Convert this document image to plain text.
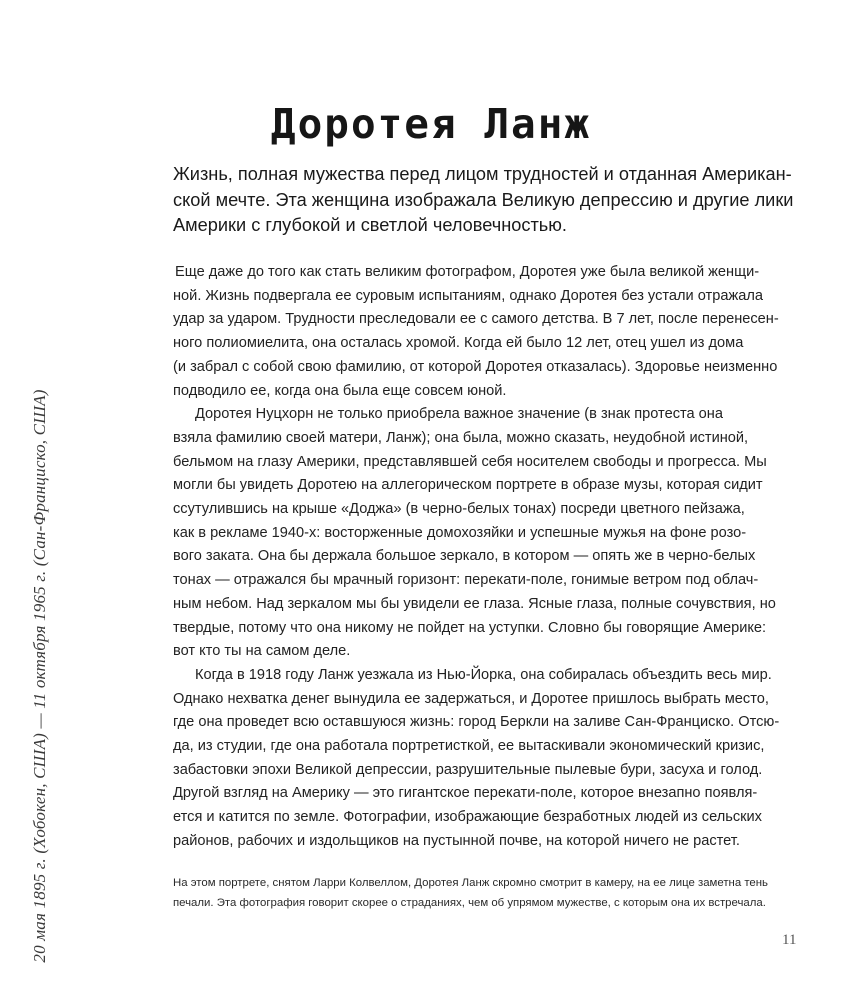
Доротея Ланж
Жизнь, полная мужества перед лицом трудностей и отданная Американ-
ской мечте. Эта женщина изображала Великую депрессию и другие лики
Америки с глубокой и светлой человечностью.
Еще даже до того как стать великим фотографом, Доротея уже была великой женщи-
ной. Жизнь подвергала ее суровым испытаниям, однако Доротея без устали отражала
удар за ударом. Трудности преследовали ее с самого детства. В 7 лет, после перенесен-
ного полиомиелита, она осталась хромой. Когда ей было 12 лет, отец ушел из дома
(и забрал с собой свою фамилию, от которой Доротея отказалась). Здоровье неизменно
подводило ее, когда она была еще совсем юной.
Доротея Нуцхорн не только приобрела важное значение (в знак протеста она
взяла фамилию своей матери, Ланж); она была, можно сказать, неудобной истиной,
бельмом на глазу Америки, представлявшей себя носителем свободы и прогресса. Мы
могли бы увидеть Доротею на аллегорическом портрете в образе музы, которая сидит
ссутулившись на крыше «Доджа» (в черно-белых тонах) посреди цветного пейзажа,
как в рекламе 1940-х: восторженные домохозяйки и успешные мужья на фоне розо-
вого заката. Она бы держала большое зеркало, в котором — опять же в черно-белых
тонах — отражался бы мрачный горизонт: перекати-поле, гонимые ветром под облач-
ным небом. Над зеркалом мы бы увидели ее глаза. Ясные глаза, полные сочувствия, но
твердые, потому что она никому не пойдет на уступки. Словно бы говорящие Америке:
вот кто ты на самом деле.
Когда в 1918 году Ланж уезжала из Нью-Йорка, она собиралась объездить весь мир.
Однако нехватка денег вынудила ее задержаться, и Доротее пришлось выбрать место,
где она проведет всю оставшуюся жизнь: город Беркли на заливе Сан-Франциско. Отсю-
да, из студии, где она работала портретисткой, ее вытаскивали экономический кризис,
забастовки эпохи Великой депрессии, разрушительные пылевые бури, засуха и голод.
Другой взгляд на Америку — это гигантское перекати-поле, которое внезапно появля-
ется и катится по земле. Фотографии, изображающие безработных людей из сельских
районов, рабочих и издольщиков на пустынной почве, на которой ничего не растет.
На этом портрете, снятом Ларри Колвеллом, Доротея Ланж скромно смотрит в камеру, на ее лице заметна тень
печали. Эта фотография говорит скорее о страданиях, чем об упрямом мужестве, с которым она их встречала.
20 мая 1895 г. (Хобокен, США) — 11 октября 1965 г. (Сан-Франциско, США)	11
